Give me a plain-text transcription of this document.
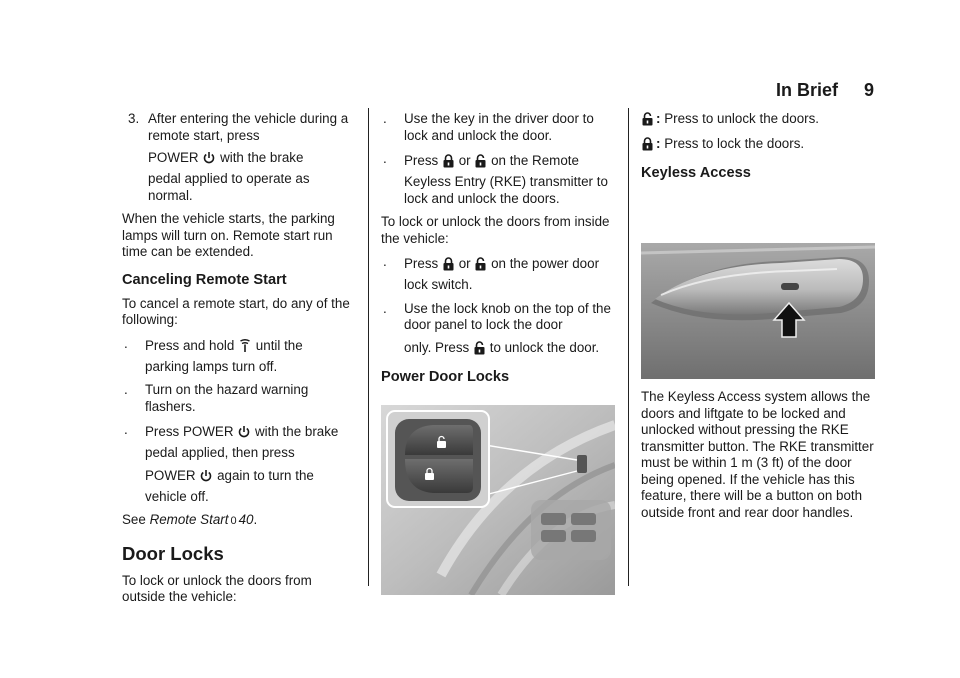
In Brief 9
3. After entering the vehicle during a remote start, press
POWER with the brake
pedal applied to operate as normal.

When the vehicle starts, the parking lamps will turn on. Remote start run time can be extended.

Canceling Remote Start

To cancel a remote start, do any of the following:

.	Press and hold until the
parking lamps turn off.
.	Turn on the hazard warning flashers.
.	Press POWER with the brake
pedal applied, then press
POWER again to turn the
vehicle off.

See Remote Start 0 40.

Door Locks

To lock or unlock the doors from outside the vehicle:

.	Use the key in the driver door to lock and unlock the door.
.	Press or on the Remote
Keyless Entry (RKE) transmitter to lock and unlock the doors.

To lock or unlock the doors from inside the vehicle:

.	Press or on the power door
lock switch.
.	Use the lock knob on the top of the door panel to lock the door
only. Press to unlock the door.
Power Door Locks
:
Press to unlock the doors.
:
Press to lock the doors.
Keyless Access

The Keyless Access system allows the doors and liftgate to be locked and unlocked without pressing the RKE transmitter button. The RKE transmitter must be within 1 m (3 ft) of the door being opened. If the vehicle has this feature, there will be a button on both outside front and rear door handles.
